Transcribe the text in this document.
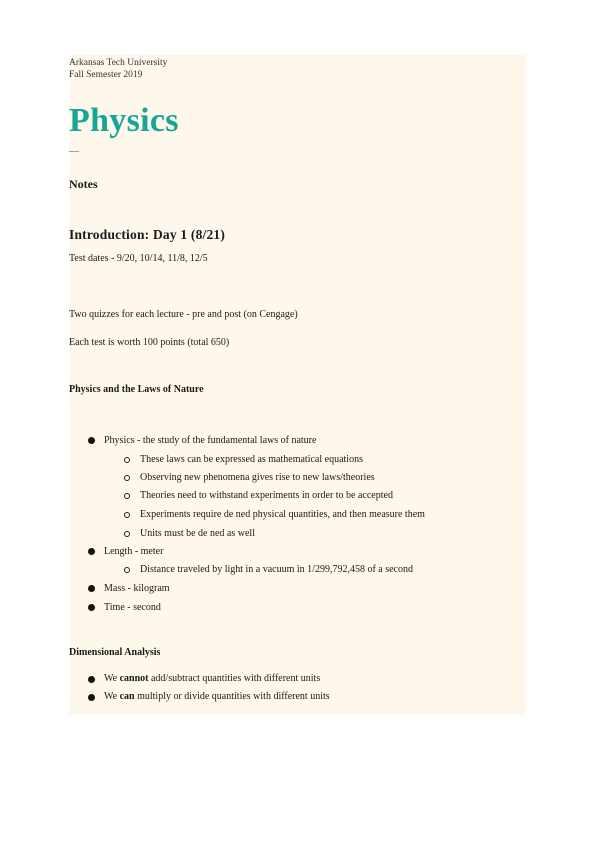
Arkansas Tech University
Fall Semester 2019
Physics
—
Notes
Introduction: Day 1 (8/21)
Test dates - 9/20, 10/14, 11/8, 12/5
Two quizzes for each lecture - pre and post (on Cengage)
Each test is worth 100 points (total 650)
Physics and the Laws of Nature
Physics - the study of the fundamental laws of nature
These laws can be expressed as mathematical equations
Observing new phenomena gives rise to new laws/theories
Theories need to withstand experiments in order to be accepted
Experiments require de ned physical quantities, and then measure them
Units must be de ned as well
Length - meter
Distance traveled by light in a vacuum in 1/299,792,458 of a second
Mass - kilogram
Time - second
Dimensional Analysis
We cannot add/subtract quantities with different units
We can multiply or divide quantities with different units
